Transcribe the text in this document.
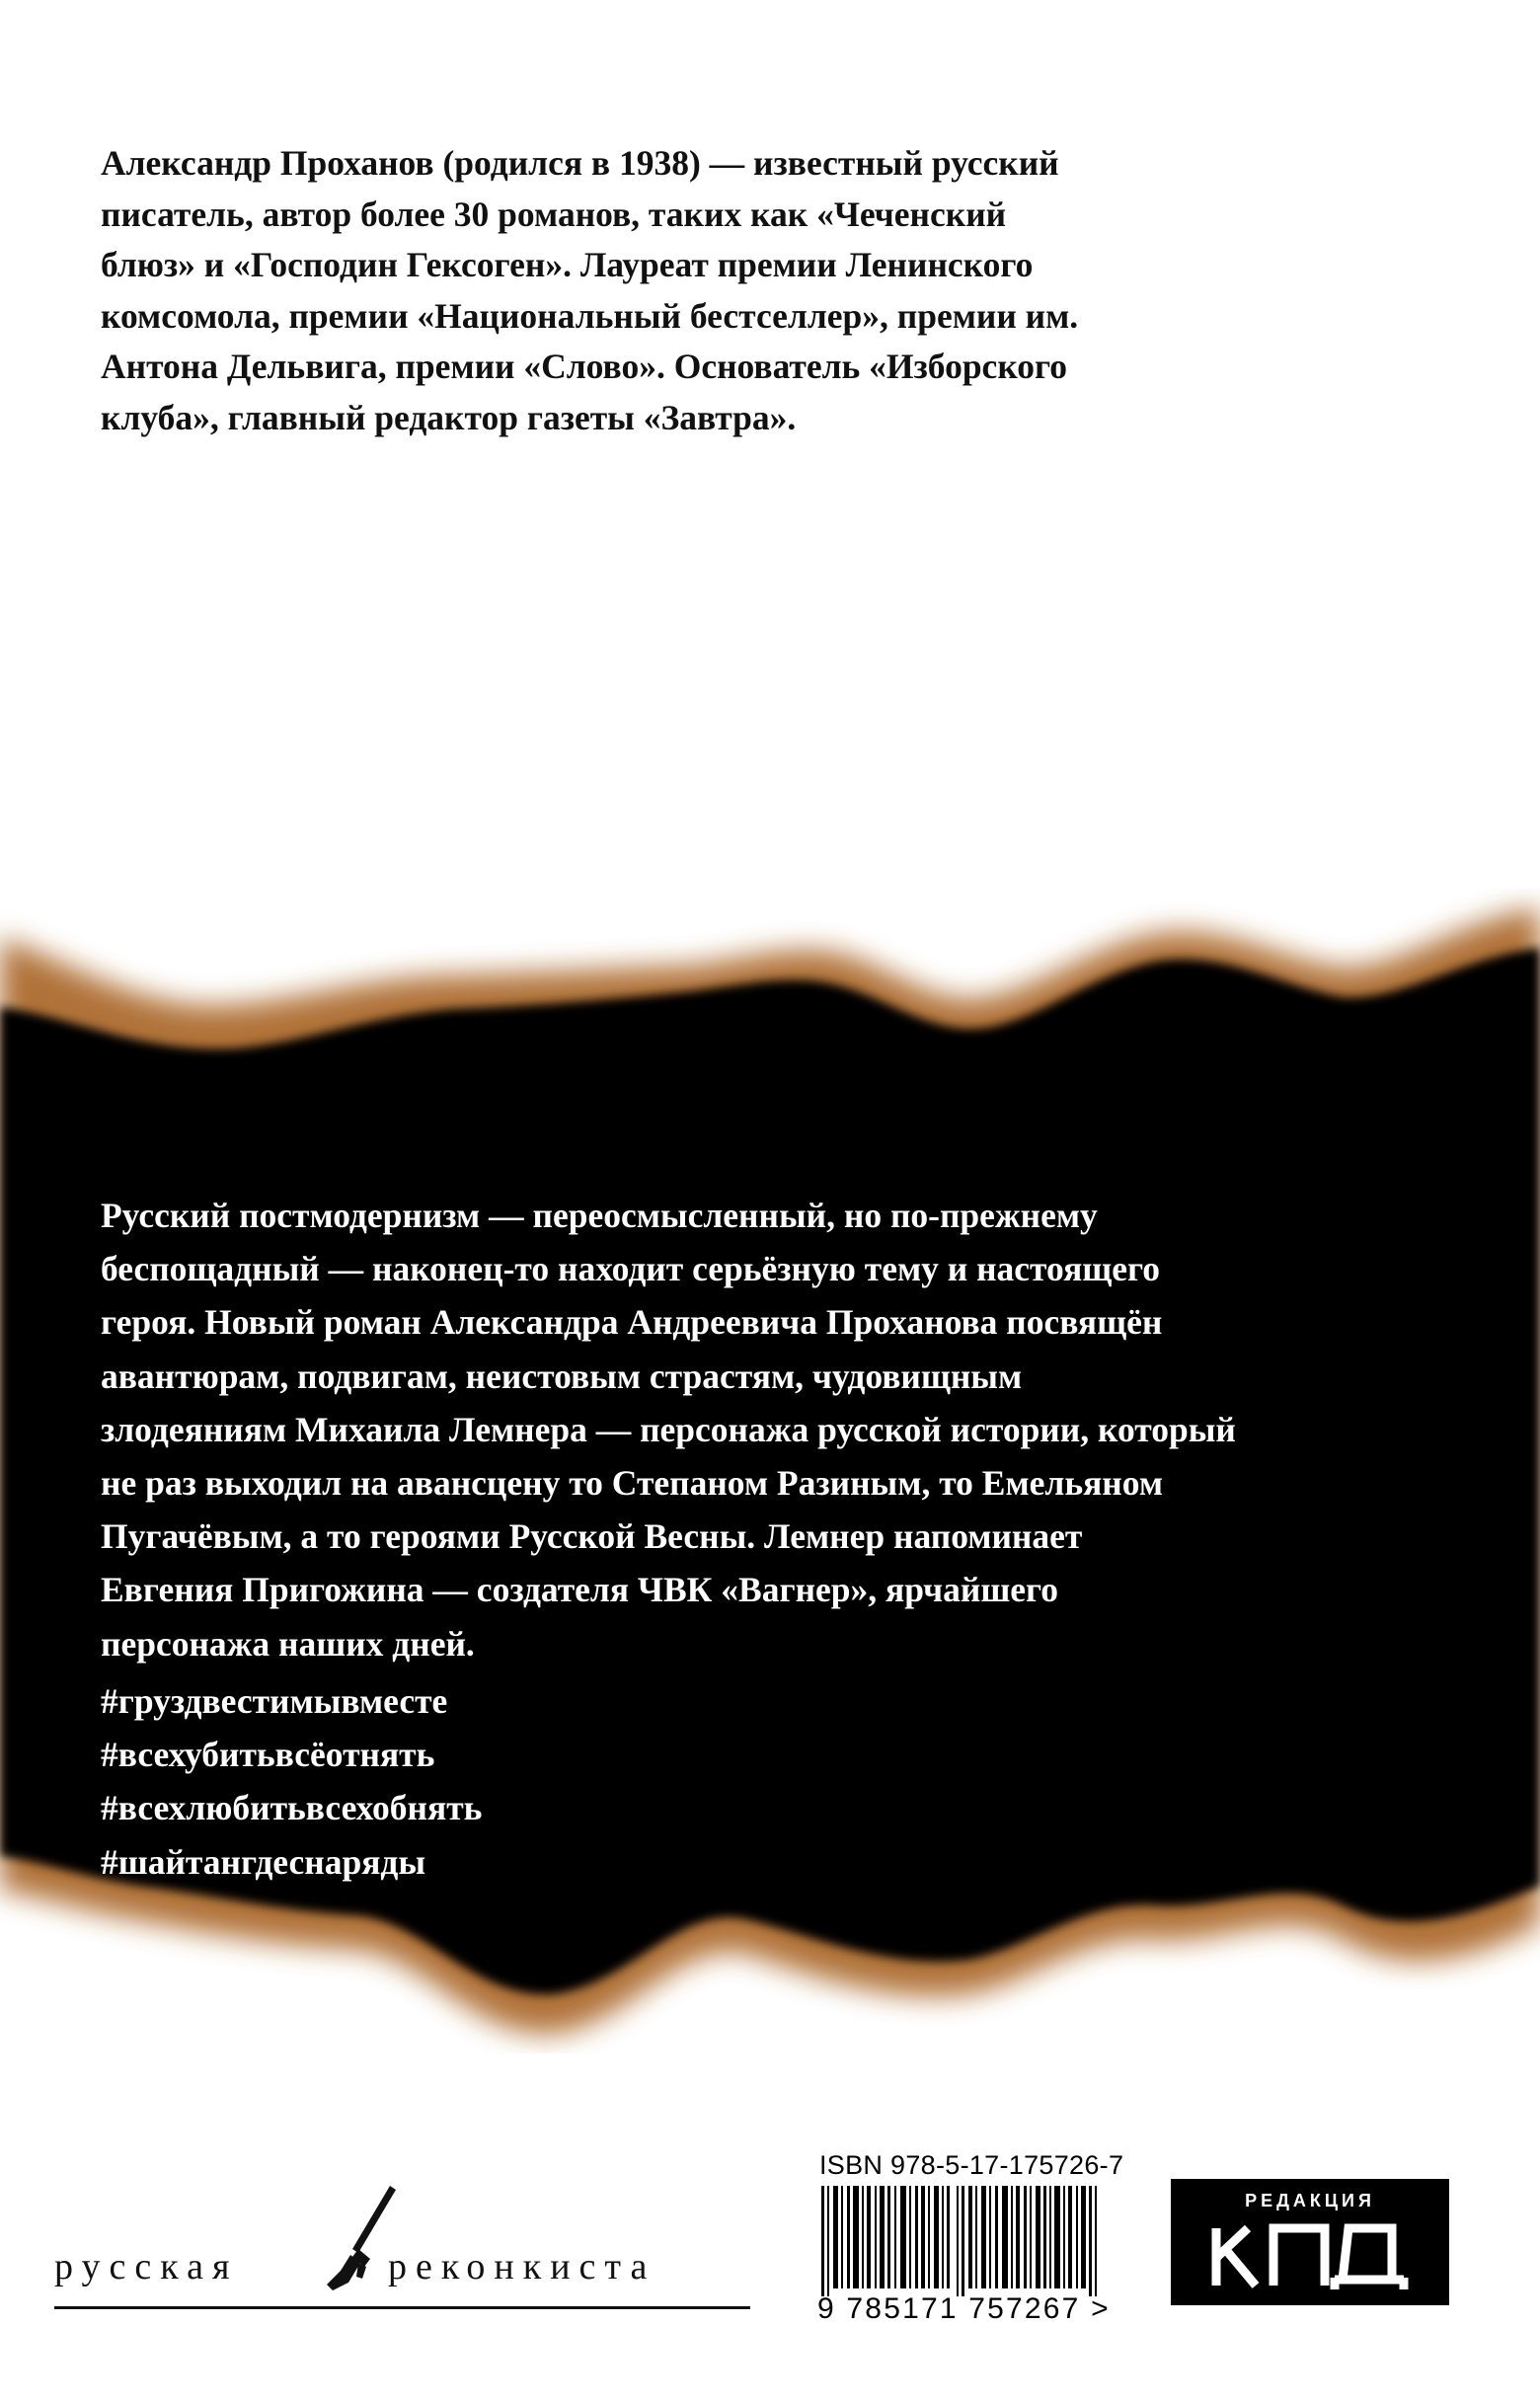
Александр Проханов (родился в 1938) — известный русский
писатель, автор более 30 романов, таких как «Чеченский
блюз» и «Господин Гексоген». Лауреат премии Ленинского
комсомола, премии «Национальный бестселлер», премии им.
Антона Дельвига, премии «Слово». Основатель «Изборского
клуба», главный редактор газеты «Завтра».
Русский постмодернизм — переосмысленный, но по-прежнему
беспощадный — наконец-то находит серьёзную тему и настоящего
героя. Новый роман Александра Андреевича Проханова посвящён
авантюрам, подвигам, неистовым страстям, чудовищным
злодеяниям Михаила Лемнера — персонажа русской истории, который
не раз выходил на авансцену то Степаном Разиным, то Емельяном
Пугачёвым, а то героями Русской Весны. Лемнер напоминает
Евгения Пригожина — создателя ЧВК «Вагнер», ярчайшего
персонажа наших дней.
#груздвестимывместе
#всехубитьвсёотнять
#всехлюбитьвсехобнять
#шайтангдеснаряды
русская	реконкиста
ISBN 978-5-17-175726-7
9 785171 757267 >
РЕДАКЦИЯ
